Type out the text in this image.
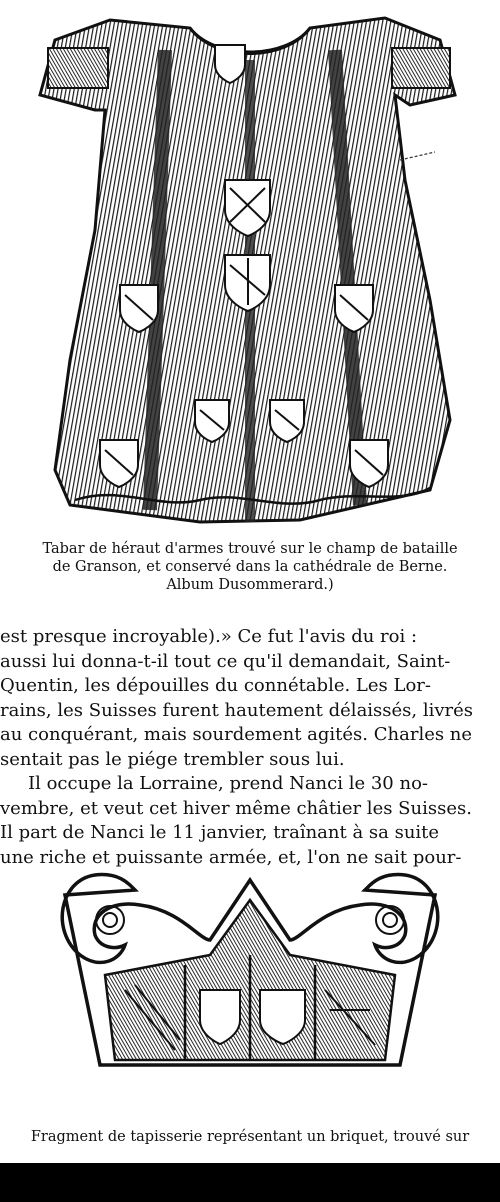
Tabar de héraut d'armes trouvé sur le champ de bataille
de Granson, et conservé dans la cathédrale de Berne.
Album Dusommerard.)
est presque incroyable).» Ce fut l'avis du roi :
aussi lui donna-t-il tout ce qu'il demandait, Saint-
Quentin, les dépouilles du connétable. Les Lor-
rains, les Suisses furent hautement délaissés, livrés
au conquérant, mais sourdement agités. Charles ne
sentait pas le piége trembler sous lui.
Il occupe la Lorraine, prend Nanci le 30 no-
vembre, et veut cet hiver même châtier les Suisses.
Il part de Nanci le 11 janvier, traînant à sa suite
une riche et puissante armée, et, l'on ne sait pour-
Fragment de tapisserie représentant un briquet, trouvé sur
